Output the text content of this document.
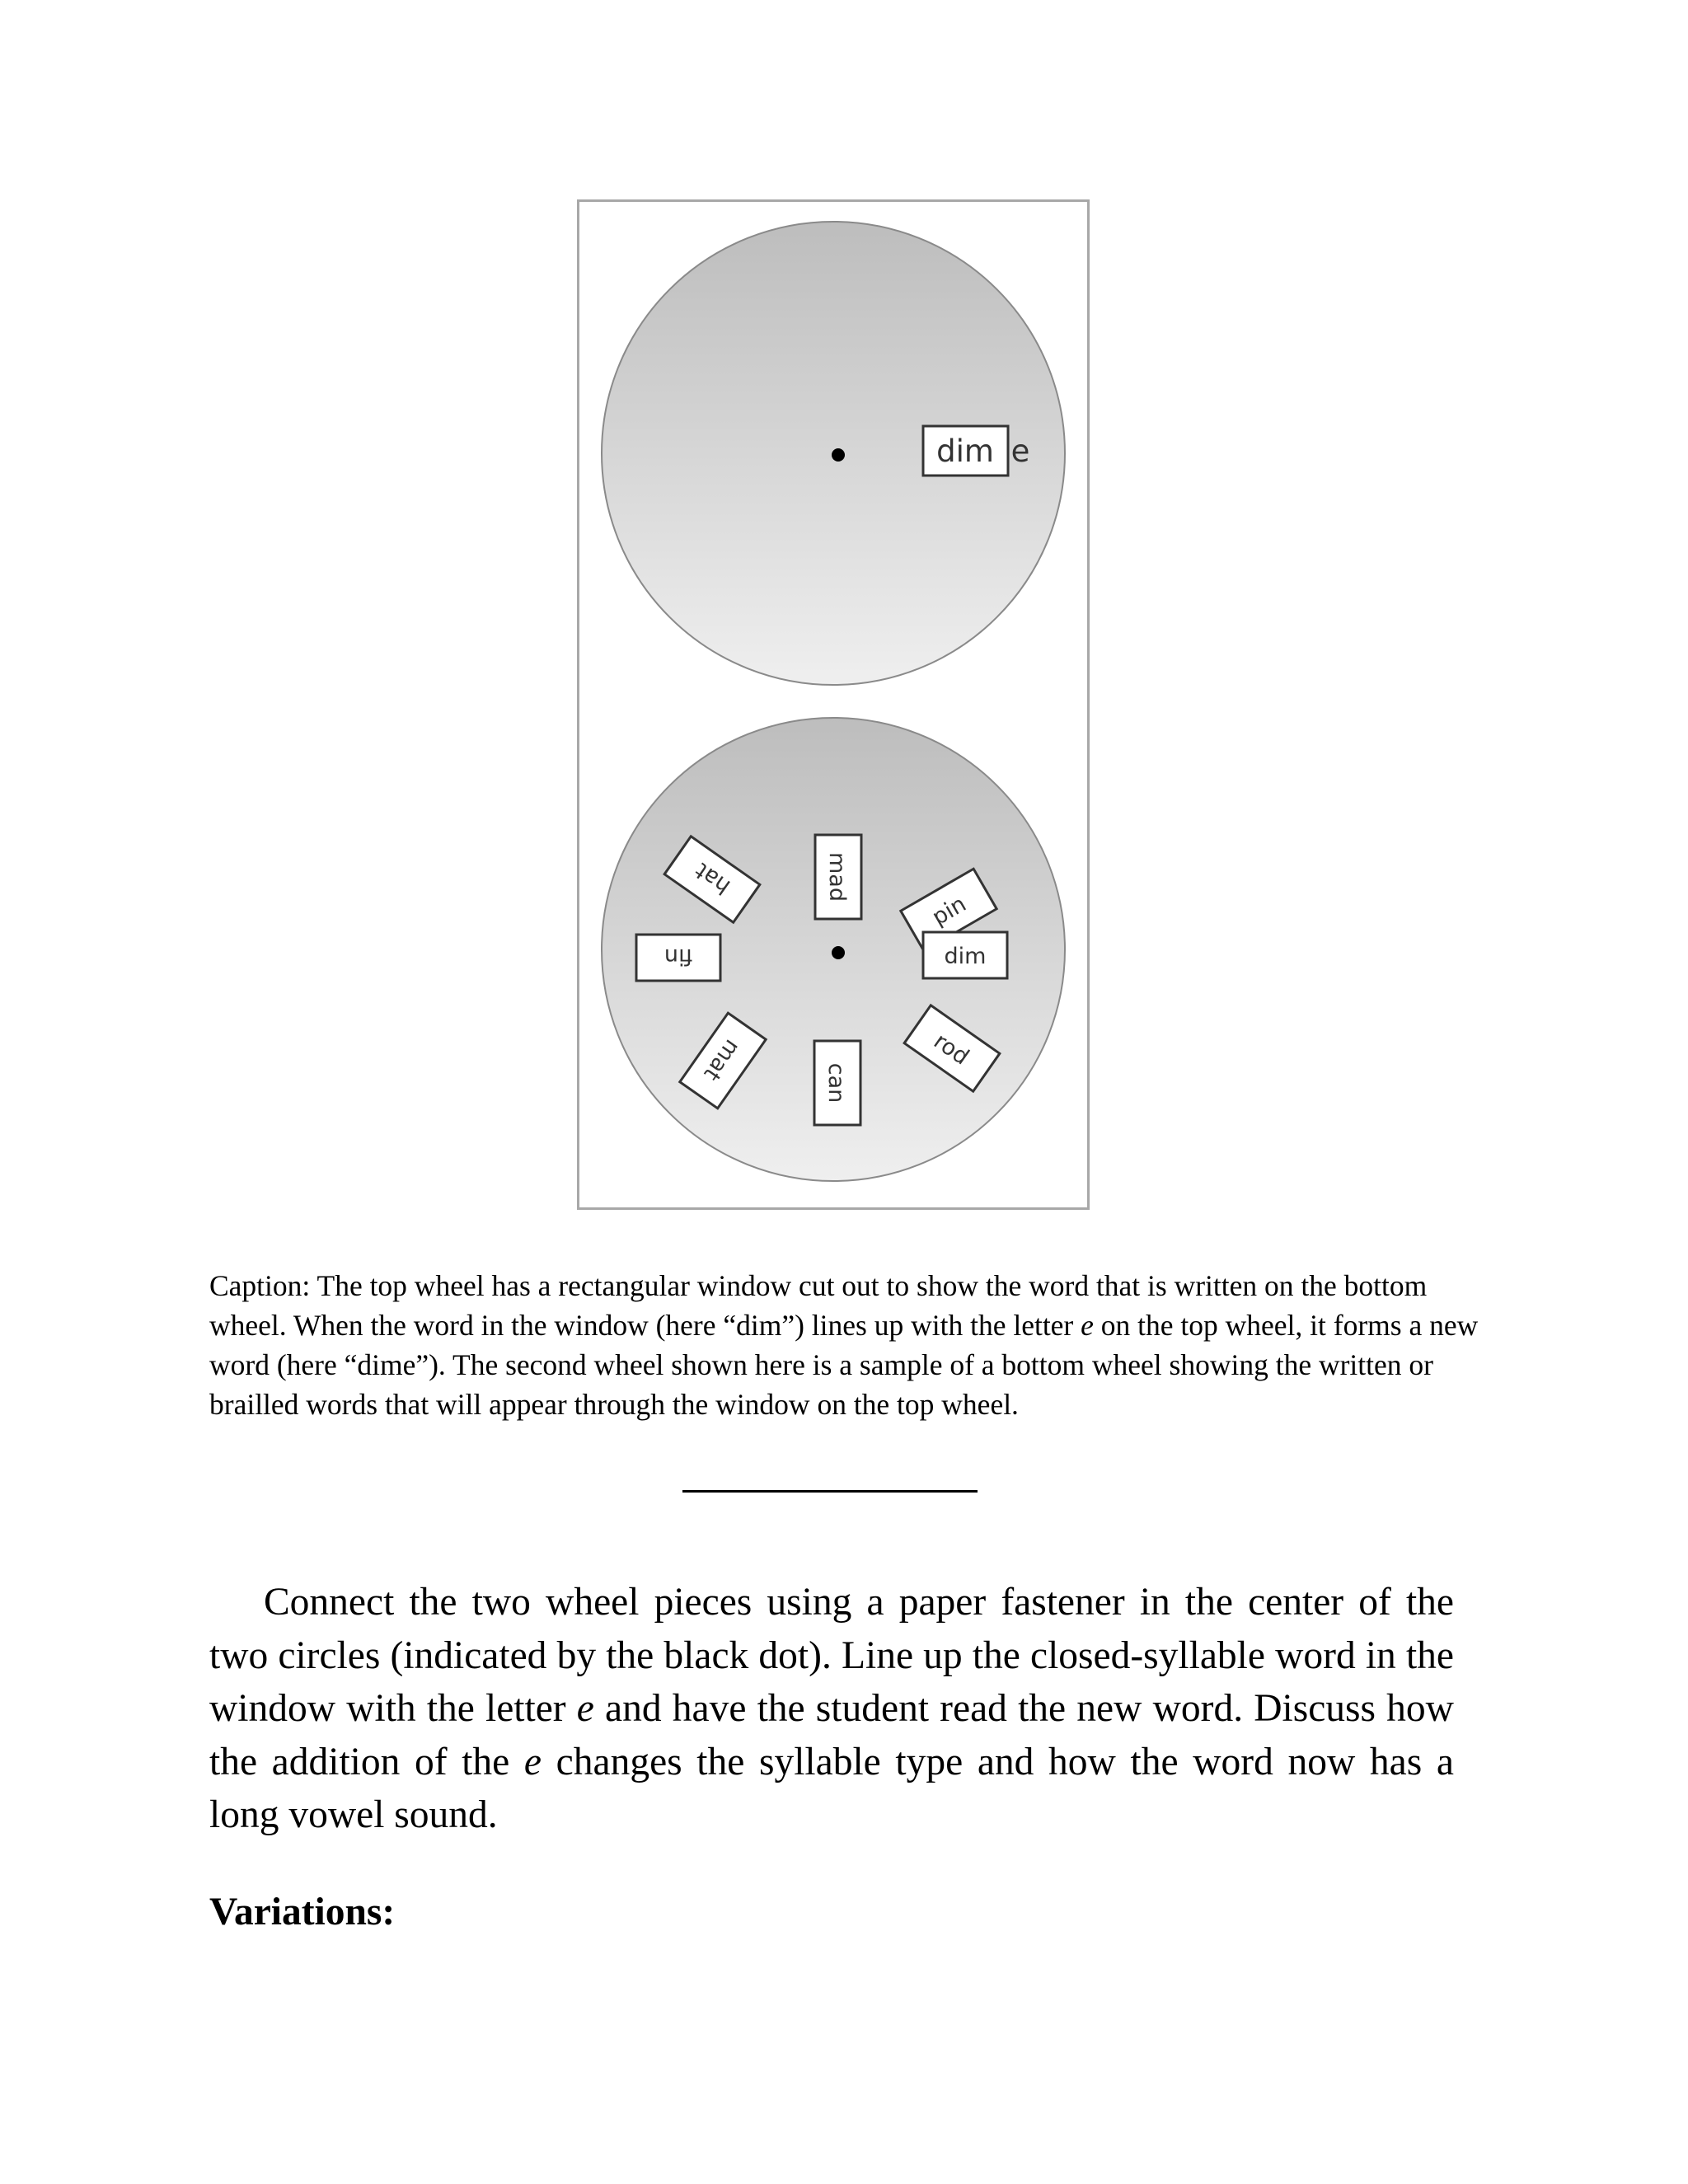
dim e
mad
pin
dim
rod
can
mat
fin
hat

Caption: The top wheel has a rectangular window cut out to show the word that is written on the bottom wheel. When the word in the window (here “dim”) lines up with the letter e on the top wheel, it forms a new word (here “dime”). The second wheel shown here is a sample of a bottom wheel showing the written or brailled words that will appear through the window on the top wheel.

Connect the two wheel pieces using a paper fastener in the center of the two circles (indicated by the black dot). Line up the closed-syllable word in the window with the letter e and have the student read the new word. Discuss how the addition of the e changes the syllable type and how the word now has a long vowel sound.

Variations:
